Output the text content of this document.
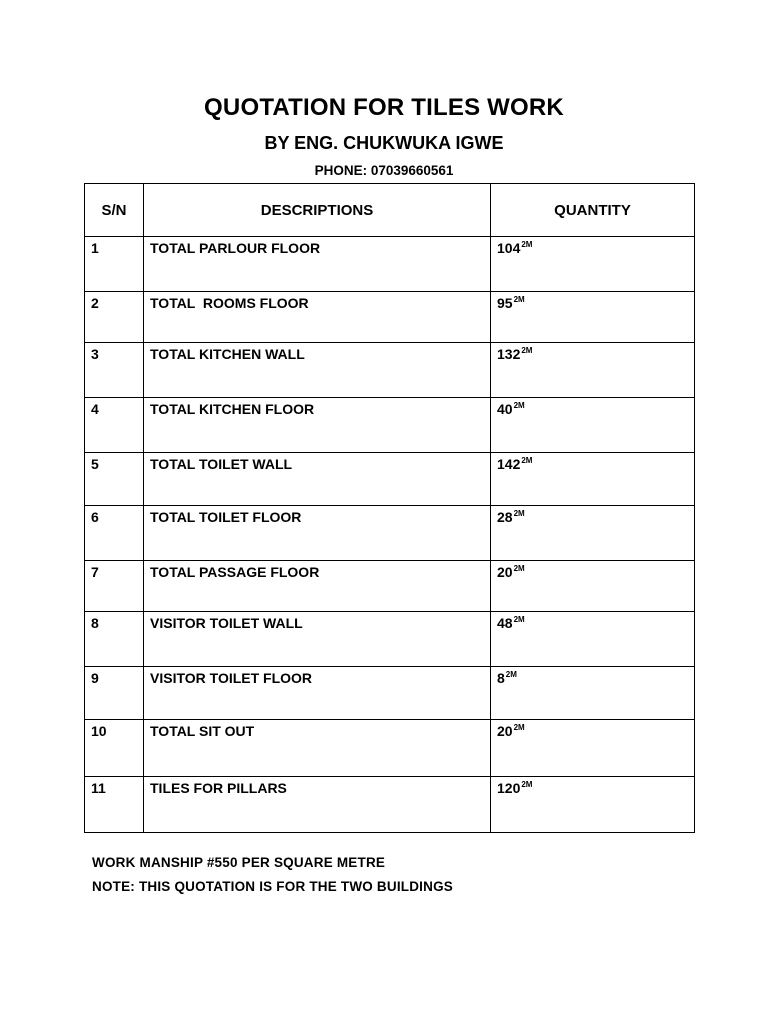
QUOTATION FOR TILES WORK
BY ENG. CHUKWUKA IGWE
PHONE: 07039660561
S/N	DESCRIPTIONS	QUANTITY

1	TOTAL PARLOUR FLOOR	$104^{2M}$

2	TOTAL  ROOMS FLOOR	$95^{2M}$

3	TOTAL KITCHEN WALL	$132^{2M}$

4	TOTAL KITCHEN FLOOR	$40^{2M}$

5	TOTAL TOILET WALL	$142^{2M}$

6	TOTAL TOILET FLOOR	$28^{2M}$

7	TOTAL PASSAGE FLOOR	$20^{2M}$

8	VISITOR TOILET WALL	$48^{2M}$

9	VISITOR TOILET FLOOR	$8^{2M}$

10	TOTAL SIT OUT	$20^{2M}$

11	TILES FOR PILLARS	$120^{2M}$
WORK MANSHIP #550 PER SQUARE METRE
NOTE: THIS QUOTATION IS FOR THE TWO BUILDINGS
